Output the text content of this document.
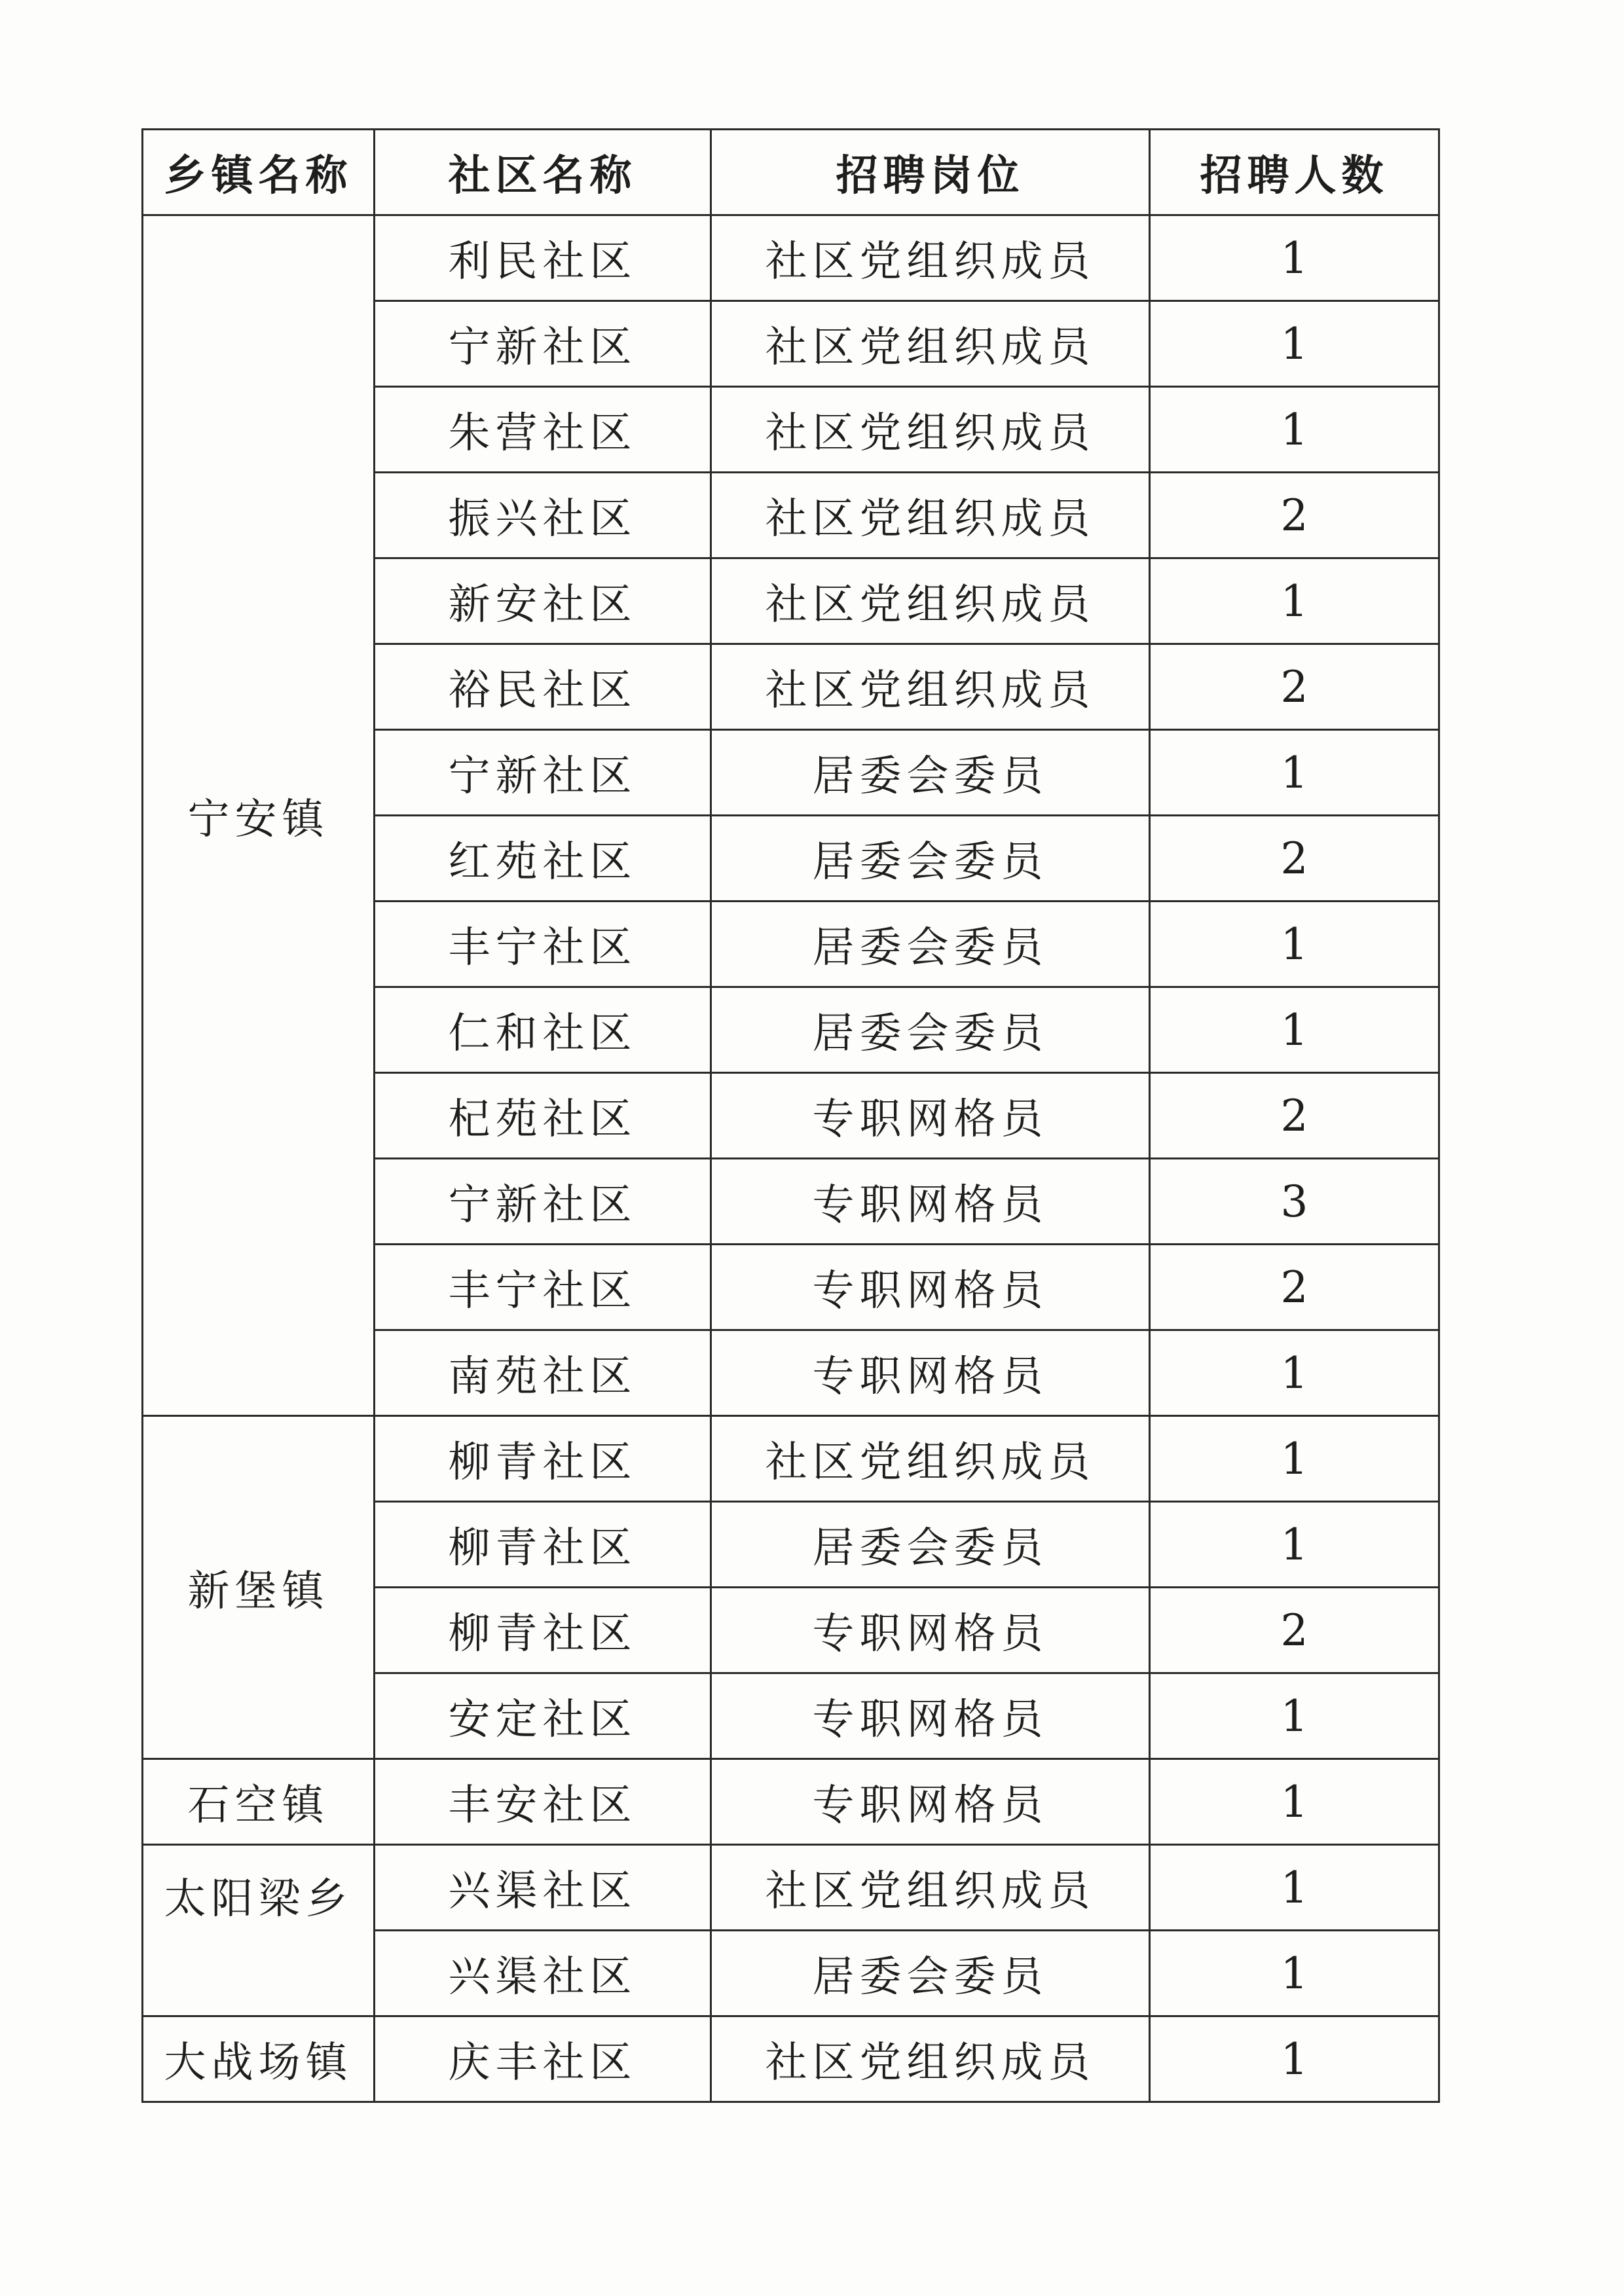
乡镇名称	社区名称	招聘岗位	招聘人数
宁安镇	利民社区	社区党组织成员	1
	宁新社区	社区党组织成员	1
	朱营社区	社区党组织成员	1
	振兴社区	社区党组织成员	2
	新安社区	社区党组织成员	1
	裕民社区	社区党组织成员	2
	宁新社区	居委会委员	1
	红苑社区	居委会委员	2
	丰宁社区	居委会委员	1
	仁和社区	居委会委员	1
	杞苑社区	专职网格员	2
	宁新社区	专职网格员	3
	丰宁社区	专职网格员	2
	南苑社区	专职网格员	1
新堡镇	柳青社区	社区党组织成员	1
	柳青社区	居委会委员	1
	柳青社区	专职网格员	2
	安定社区	专职网格员	1
石空镇	丰安社区	专职网格员	1
太阳梁乡	兴渠社区	社区党组织成员	1
	兴渠社区	居委会委员	1
大战场镇	庆丰社区	社区党组织成员	1
